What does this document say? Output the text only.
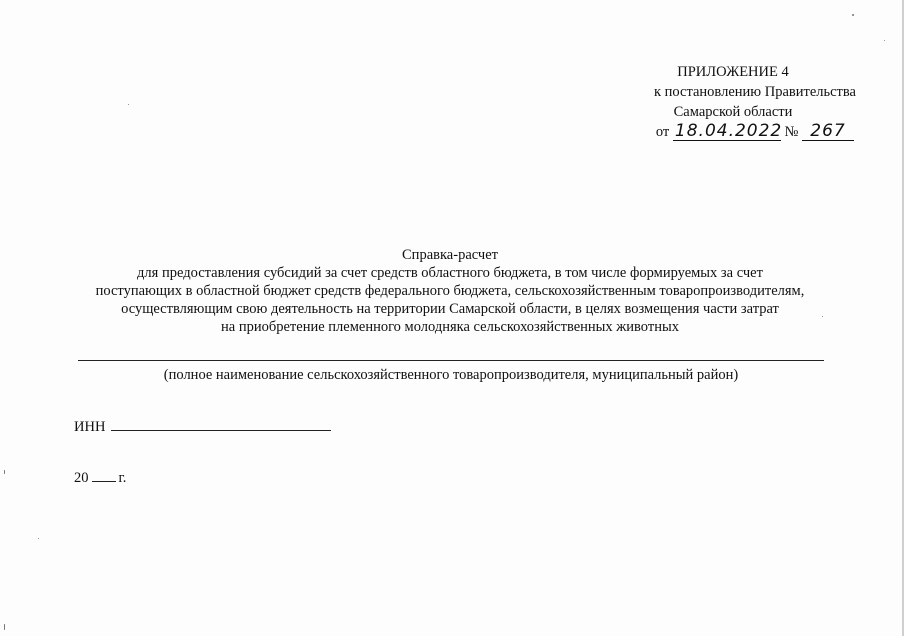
ПРИЛОЖЕНИЕ 4
к постановлению Правительства
Самарской области
от 18.04.2022 № 267
Справка-расчет
для предоставления субсидий за счет средств областного бюджета, в том числе формируемых за счет
поступающих в областной бюджет средств федерального бюджета, сельскохозяйственным товаропроизводителям,
осуществляющим свою деятельность на территории Самарской области, в целях возмещения части затрат
на приобретение племенного молодняка сельскохозяйственных животных
(полное наименование сельскохозяйственного товаропроизводителя, муниципальный район)
ИНН
20 г.
